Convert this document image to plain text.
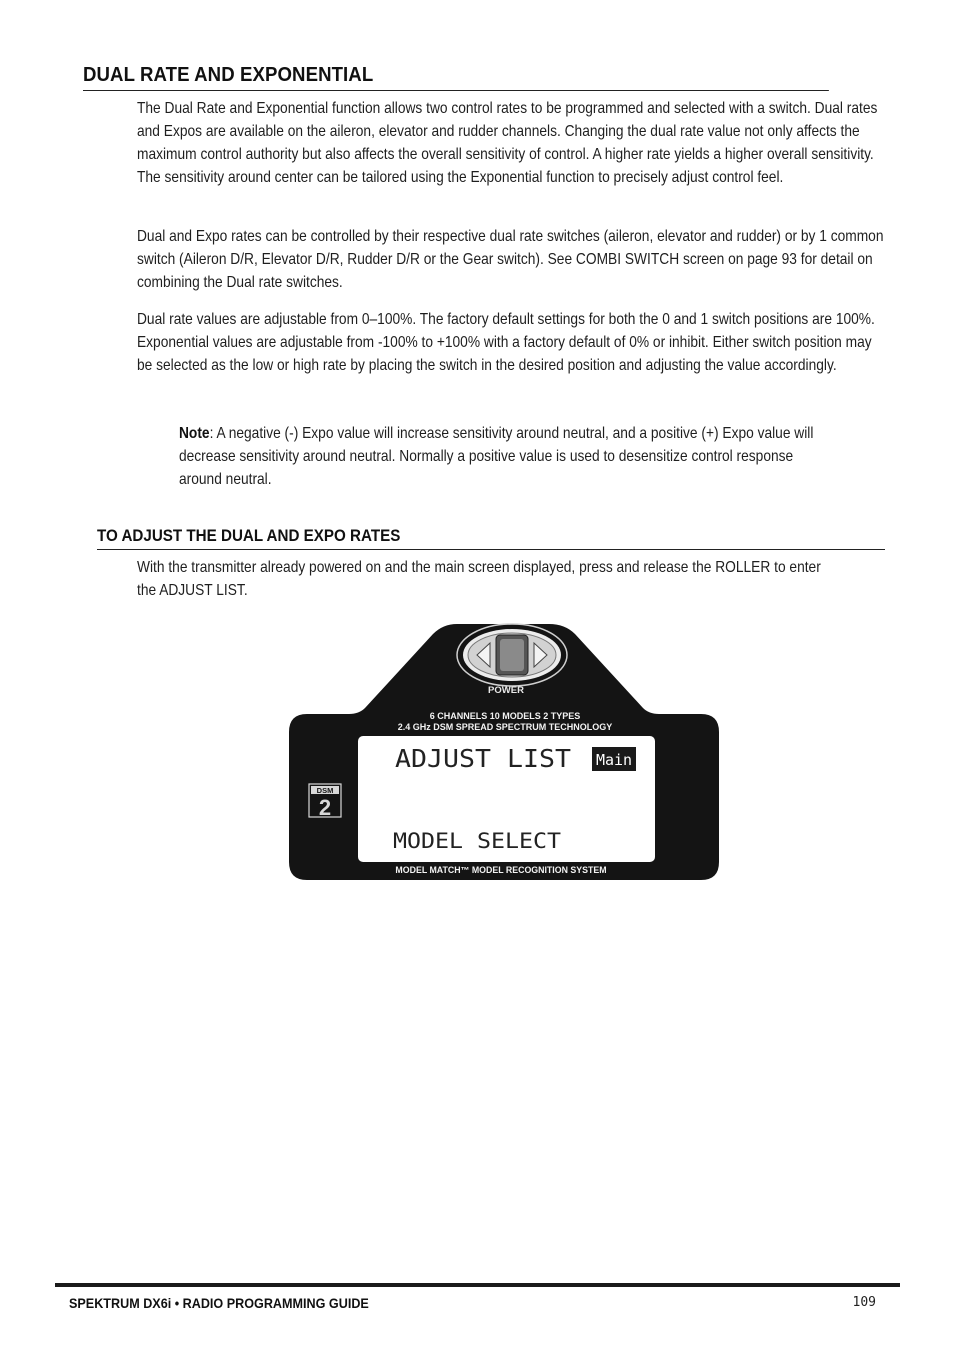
DUAL RATE AND EXPONENTIAL

The Dual Rate and Exponential function allows two control rates to be programmed and selected with a switch. Dual rates and Expos are available on the aileron, elevator and rudder channels. Changing the dual rate value not only affects the maximum control authority but also affects the overall sensitivity of control. A higher rate yields a higher overall sensitivity. The sensitivity around center can be tailored using the Exponential function to precisely adjust control feel.

Dual and Expo rates can be controlled by their respective dual rate switches (aileron, elevator and rudder) or by 1 common switch (Aileron D/R, Elevator D/R, Rudder D/R or the Gear switch). See COMBI SWITCH screen on page 93 for detail on combining the Dual rate switches.

Dual rate values are adjustable from 0–100%. The factory default settings for both the 0 and 1 switch positions are 100%. Exponential values are adjustable from -100% to +100% with a factory default of 0% or inhibit. Either switch position may be selected as the low or high rate by placing the switch in the desired position and adjusting the value accordingly.

Note: A negative (-) Expo value will increase sensitivity around neutral, and a positive (+) Expo value will decrease sensitivity around neutral. Normally a positive value is used to desensitize control response around neutral.
TO ADJUST THE DUAL AND EXPO RATES

With the transmitter already powered on and the main screen displayed, press and release the ROLLER to enter the ADJUST LIST.

POWER
6 CHANNELS 10 MODELS 2 TYPES
2.4 GHz DSM SPREAD SPECTRUM TECHNOLOGY
ADJUST LIST Main
MODEL SELECT
DSM
2
MODEL MATCH™ MODEL RECOGNITION SYSTEM
SPEKTRUM DX6i • RADIO PROGRAMMING GUIDE	109
